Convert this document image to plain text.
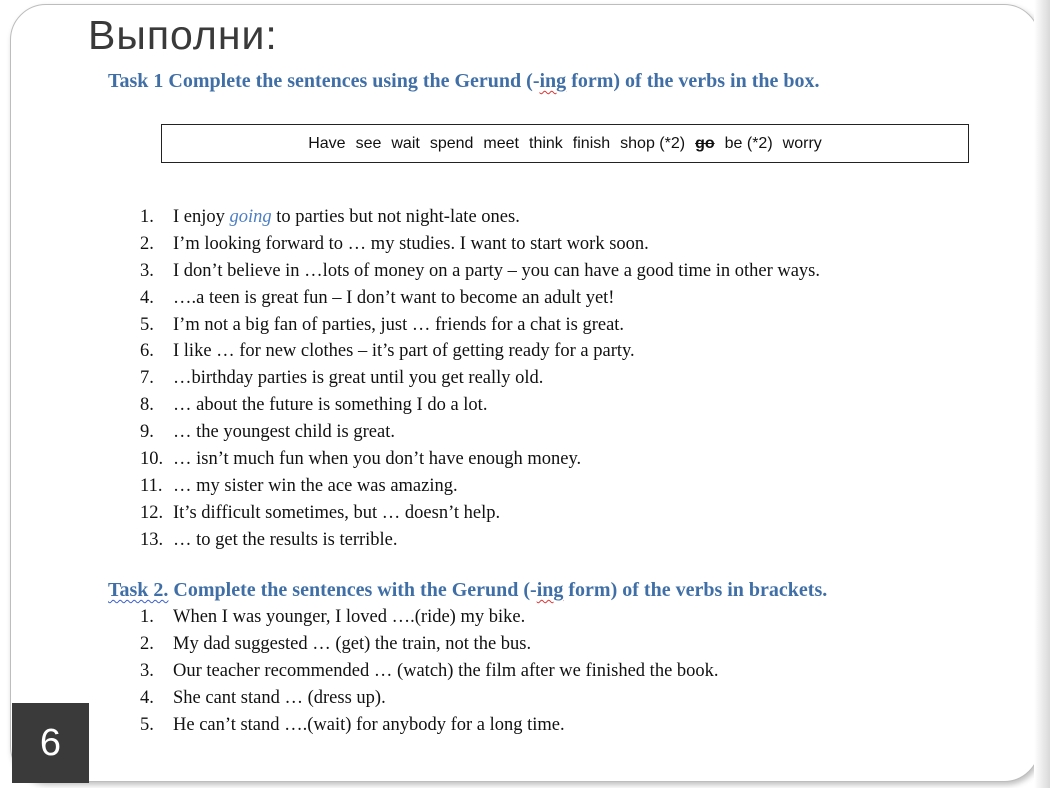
Выполни:
Task 1 Complete the sentences using the Gerund (-ing form) of the verbs in the box.
Have see wait spend meet think finish shop (*2) go be (*2) worry
1. I enjoy going to parties but not night-late ones.
2. I’m looking forward to … my studies. I want to start work soon.
3. I don’t believe in …lots of money on a party – you can have a good time in other ways.
4. ….a teen is great fun – I don’t want to become an adult yet!
5. I’m not a big fan of parties, just … friends for a chat is great.
6. I like … for new clothes – it’s part of getting ready for a party.
7. …birthday parties is great until you get really old.
8. … about the future is something I do a lot.
9. … the youngest child is great.
10. … isn’t much fun when you don’t have enough money.
11. … my sister win the ace was amazing.
12. It’s difficult sometimes, but … doesn’t help.
13. … to get the results is terrible.
Task 2. Complete the sentences with the Gerund (-ing form) of the verbs in brackets.
1. When I was younger, I loved ….(ride) my bike.
2. My dad suggested … (get) the train, not the bus.
3. Our teacher recommended … (watch) the film after we finished the book.
4. She cant stand … (dress up).
5. He can’t stand ….(wait) for anybody for a long time.
6
